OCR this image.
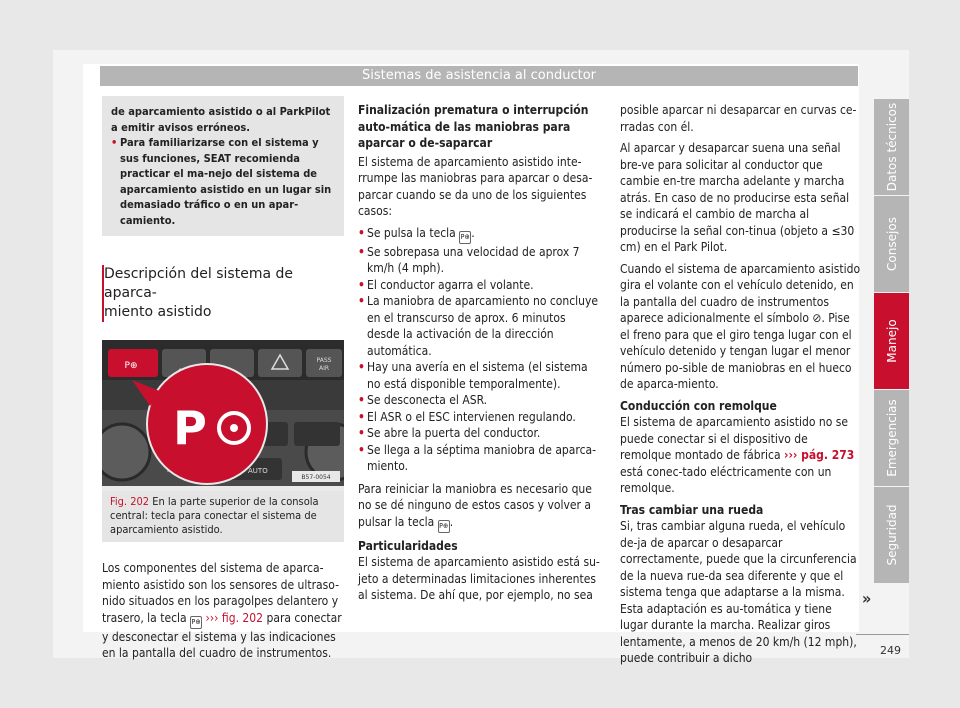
Sistemas de asistencia al conductor
de aparcamiento asistido o al ParkPilot a emitir avisos erróneos.
• Para familiarizarse con el sistema y sus funciones, SEAT recomienda practicar el ma-nejo del sistema de aparcamiento asistido en un lugar sin demasiado tráfico o en un apar-camiento.
Descripción del sistema de aparca-
miento asistido
P⊕
PASS
AIR
AUTO
P
B57-0054
Fig. 202 En la parte superior de la consola central: tecla para conectar el sistema de aparcamiento asistido.

Los componentes del sistema de aparca-miento asistido son los sensores de ultraso-nido situados en los paragolpes delantero y trasero, la tecla P⊕ ››› fig. 202 para conectar y desconectar el sistema y las indicaciones en la pantalla del cuadro de instrumentos.

Finalización prematura o interrupción auto-mática de las maniobras para aparcar o de-saparcar

El sistema de aparcamiento asistido inte-rrumpe las maniobras para aparcar o desa-parcar cuando se da uno de los siguientes casos:

• Se pulsa la tecla P⊕.
• Se sobrepasa una velocidad de aprox 7 km/h (4 mph).
• El conductor agarra el volante.
• La maniobra de aparcamiento no concluye en el transcurso de aprox. 6 minutos desde la activación de la dirección automática.
• Hay una avería en el sistema (el sistema no está disponible temporalmente).
• Se desconecta el ASR.
• El ASR o el ESC intervienen regulando.
• Se abre la puerta del conductor.
• Se llega a la séptima maniobra de aparca-miento.

Para reiniciar la maniobra es necesario que no se dé ninguno de estos casos y volver a pulsar la tecla P⊕.

Particularidades

El sistema de aparcamiento asistido está su-jeto a determinadas limitaciones inherentes al sistema. De ahí que, por ejemplo, no sea

posible aparcar ni desaparcar en curvas ce-rradas con él.

Al aparcar y desaparcar suena una señal bre-ve para solicitar al conductor que cambie en-tre marcha adelante y marcha atrás. En caso de no producirse esta señal se indicará el cambio de marcha al producirse la señal con-tinua (objeto a ≤30 cm) en el Park Pilot.

Cuando el sistema de aparcamiento asistido gira el volante con el vehículo detenido, en la pantalla del cuadro de instrumentos aparece adicionalmente el símbolo ⊘. Pise el freno para que el giro tenga lugar con el vehículo detenido y tengan lugar el menor número po-sible de maniobras en el hueco de aparca-miento.

Conducción con remolque

El sistema de aparcamiento asistido no se puede conectar si el dispositivo de remolque montado de fábrica ››› pág. 273 está conec-tado eléctricamente con un remolque.

Tras cambiar una rueda

Si, tras cambiar alguna rueda, el vehículo de-ja de aparcar o desaparcar correctamente, puede que la circunferencia de la nueva rue-da sea diferente y que el sistema tenga que adaptarse a la misma. Esta adaptación es au-tomática y tiene lugar durante la marcha. Realizar giros lentamente, a menos de 20 km/h (12 mph), puede contribuir a dicho

»
Datos técnicos
Consejos
Manejo
Emergencias
Seguridad
249
